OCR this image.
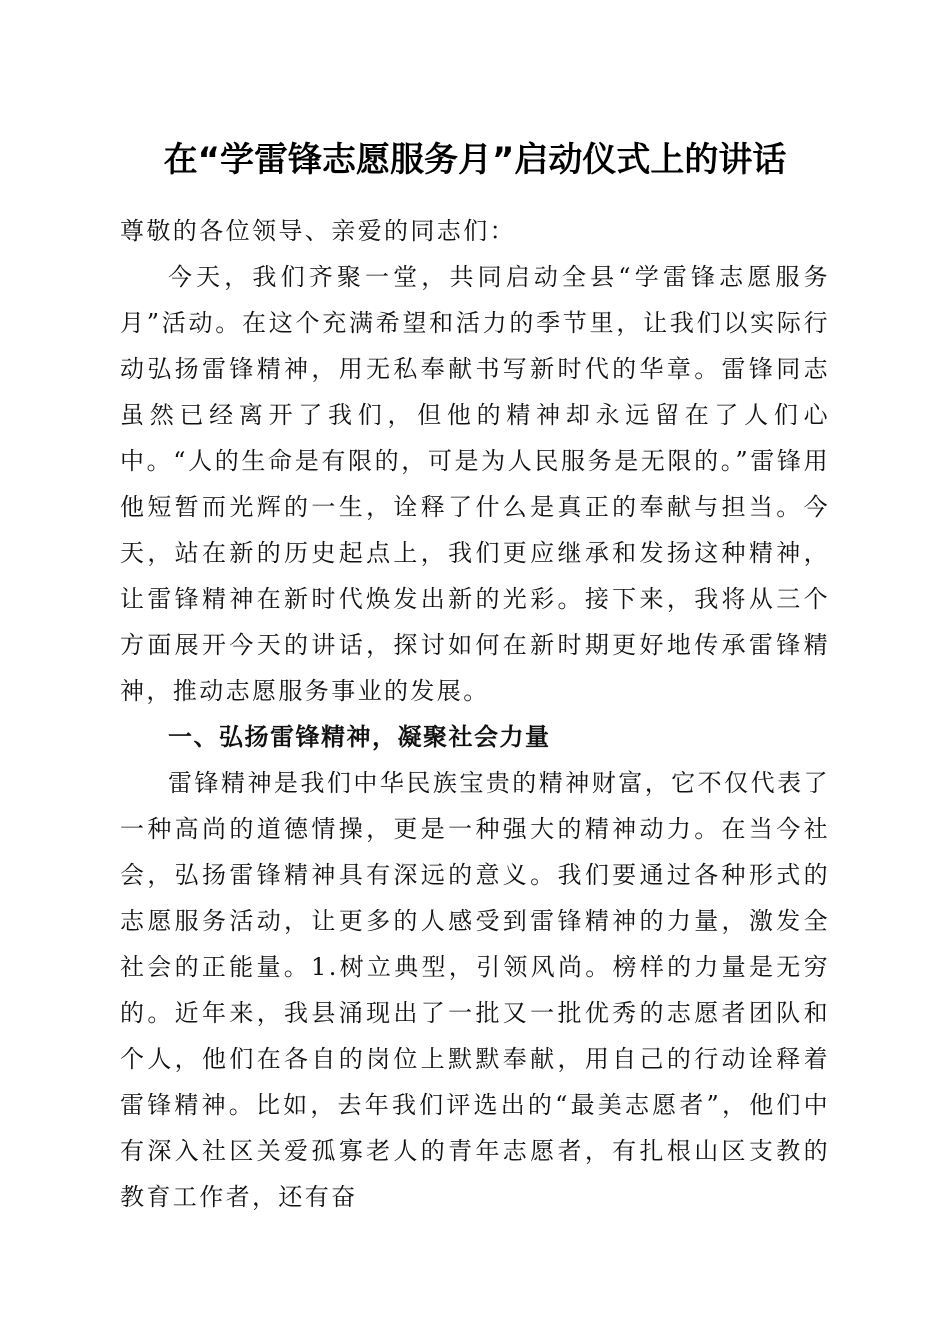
在“学雷锋志愿服务月”启动仪式上的讲话

尊敬的各位领导、亲爱的同志们：

今天，我们齐聚一堂，共同启动全县“学雷锋志愿服务月”活动。在这个充满希望和活力的季节里，让我们以实际行动弘扬雷锋精神，用无私奉献书写新时代的华章。雷锋同志虽然已经离开了我们，但他的精神却永远留在了人们心中。“人的生命是有限的，可是为人民服务是无限的。”雷锋用他短暂而光辉的一生，诠释了什么是真正的奉献与担当。今天，站在新的历史起点上，我们更应继承和发扬这种精神，让雷锋精神在新时代焕发出新的光彩。接下来，我将从三个方面展开今天的讲话，探讨如何在新时期更好地传承雷锋精神，推动志愿服务事业的发展。

一、弘扬雷锋精神，凝聚社会力量

雷锋精神是我们中华民族宝贵的精神财富，它不仅代表了一种高尚的道德情操，更是一种强大的精神动力。在当今社会，弘扬雷锋精神具有深远的意义。我们要通过各种形式的志愿服务活动，让更多的人感受到雷锋精神的力量，激发全社会的正能量。1.树立典型，引领风尚。榜样的力量是无穷的。近年来，我县涌现出了一批又一批优秀的志愿者团队和个人，他们在各自的岗位上默默奉献，用自己的行动诠释着雷锋精神。比如，去年我们评选出的“最美志愿者”，他们中有深入社区关爱孤寡老人的青年志愿者，有扎根山区支教的教育工作者，还有奋
